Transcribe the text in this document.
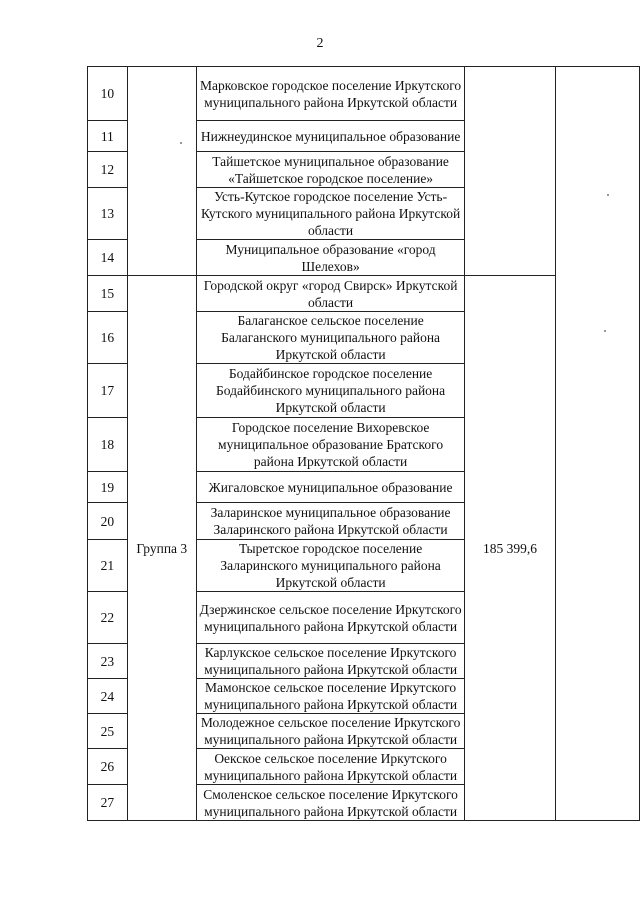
2
10		Марковское городское поселение Иркутского муниципального района Иркутской области		
11		Нижнеудинское муниципальное образование		
12		Тайшетское муниципальное образование «Тайшетское городское поселение»		
13		Усть-Кутское городское поселение Усть-Кутского муниципального района Иркутской области		
14		Муниципальное образование «город Шелехов»		
15	Группа 3	Городской округ «город Свирск» Иркутской области	185 399,6	
16		Балаганское сельское поселение Балаганского муниципального района Иркутской области		
17		Бодайбинское городское поселение Бодайбинского муниципального района Иркутской области		
18		Городское поселение Вихоревское муниципальное образование Братского района Иркутской области		
19		Жигаловское муниципальное образование		
20		Заларинское муниципальное образование Заларинского района Иркутской области		
21		Тыретское городское поселение Заларинского муниципального района Иркутской области		
22		Дзержинское сельское поселение Иркутского муниципального района Иркутской области		
23		Карлукское сельское поселение Иркутского муниципального района Иркутской области		
24		Мамонское сельское поселение Иркутского муниципального района Иркутской области		
25		Молодежное сельское поселение Иркутского муниципального района Иркутской области		
26		Оекское сельское поселение Иркутского муниципального района Иркутской области		
27		Смоленское сельское поселение Иркутского муниципального района Иркутской области		
